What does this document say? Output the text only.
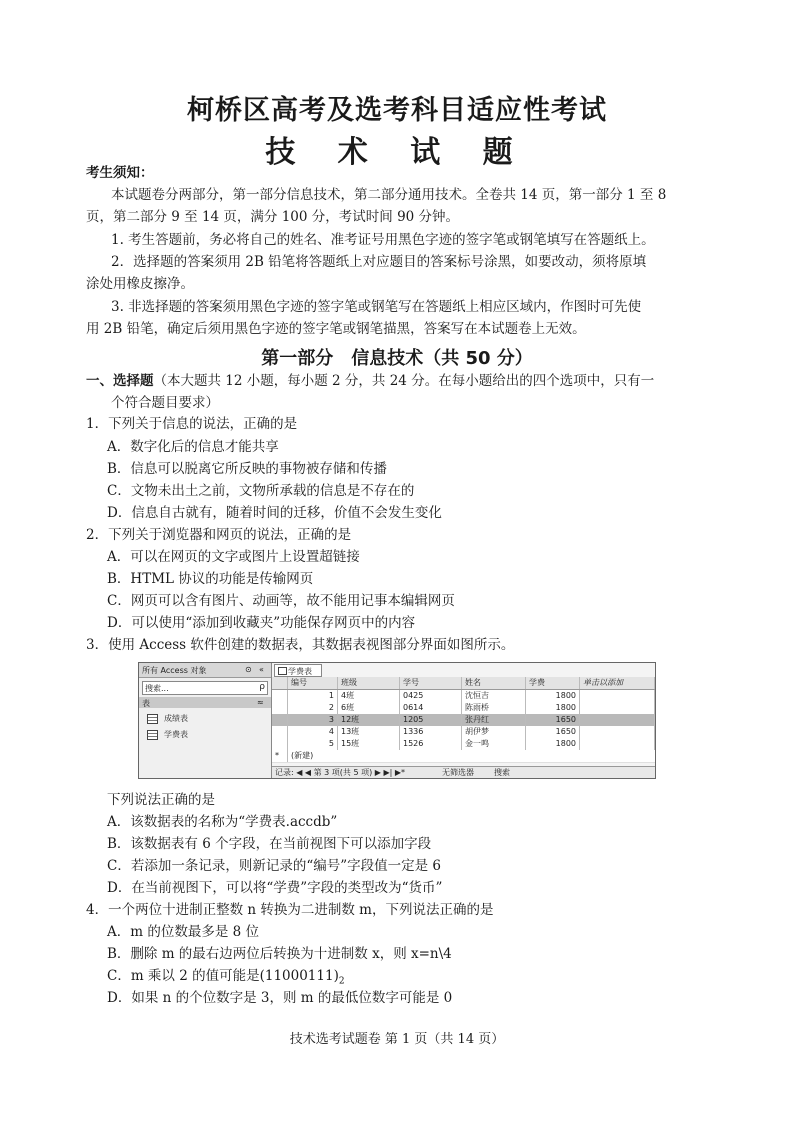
柯桥区高考及选考科目适应性考试
技 术 试 题
考生须知：
本试题卷分两部分，第一部分信息技术，第二部分通用技术。全卷共 14 页，第一部分 1 至 8
页，第二部分 9 至 14 页，满分 100 分，考试时间 90 分钟。
1. 考生答题前，务必将自己的姓名、准考证号用黑色字迹的签字笔或钢笔填写在答题纸上。
2．选择题的答案须用 2B 铅笔将答题纸上对应题目的答案标号涂黑，如要改动，须将原填
涂处用橡皮擦净。
3. 非选择题的答案须用黑色字迹的签字笔或钢笔写在答题纸上相应区域内，作图时可先使
用 2B 铅笔，确定后须用黑色字迹的签字笔或钢笔描黑，答案写在本试题卷上无效。
第一部分　信息技术（共 50 分）
一、选择题（本大题共 12 小题，每小题 2 分，共 24 分。在每小题给出的四个选项中，只有一
个符合题目要求）
1．下列关于信息的说法，正确的是
A．数字化后的信息才能共享
B．信息可以脱离它所反映的事物被存储和传播
C．文物未出土之前，文物所承载的信息是不存在的
D．信息自古就有，随着时间的迁移，价值不会发生变化
2．下列关于浏览器和网页的说法，正确的是
A．可以在网页的文字或图片上设置超链接
B．HTML 协议的功能是传输网页
C．网页可以含有图片、动画等，故不能用记事本编辑网页
D．可以使用“添加到收藏夹”功能保存网页中的内容
3．使用 Access 软件创建的数据表，其数据表视图部分界面如图所示。
所有 Access 对象	⊙ «
搜索...	ρ
表	≈
成绩表
学费表
学费表
编号	班级	学号	姓名	学费	单击以添加
1 4班	0425	沈恒吉	1800
2 6班	0614	陈雨桥	1800
3 12班	1205	张丹红	1650
4 13班	1336	胡伊梦	1650
5 15班	1526	金一鸣	1800
*	(新建)
记录: ◀ ◀ 第 3 项(共 5 项) ▶ ▶| ▶*	无筛选器	搜索
下列说法正确的是
A．该数据表的名称为“学费表.accdb”
B．该数据表有 6 个字段，在当前视图下可以添加字段
C．若添加一条记录，则新记录的“编号”字段值一定是 6
D．在当前视图下，可以将“学费”字段的类型改为“货币”
4．一个两位十进制正整数 n 转换为二进制数 m，下列说法正确的是
A．m 的位数最多是 8 位
B．删除 m 的最右边两位后转换为十进制数 x，则 x=n\4
C．m 乘以 2 的值可能是$(11000111)_2$
D．如果 n 的个位数字是 3，则 m 的最低位数字可能是 0
技术选考试题卷 第 1 页（共 14 页）
